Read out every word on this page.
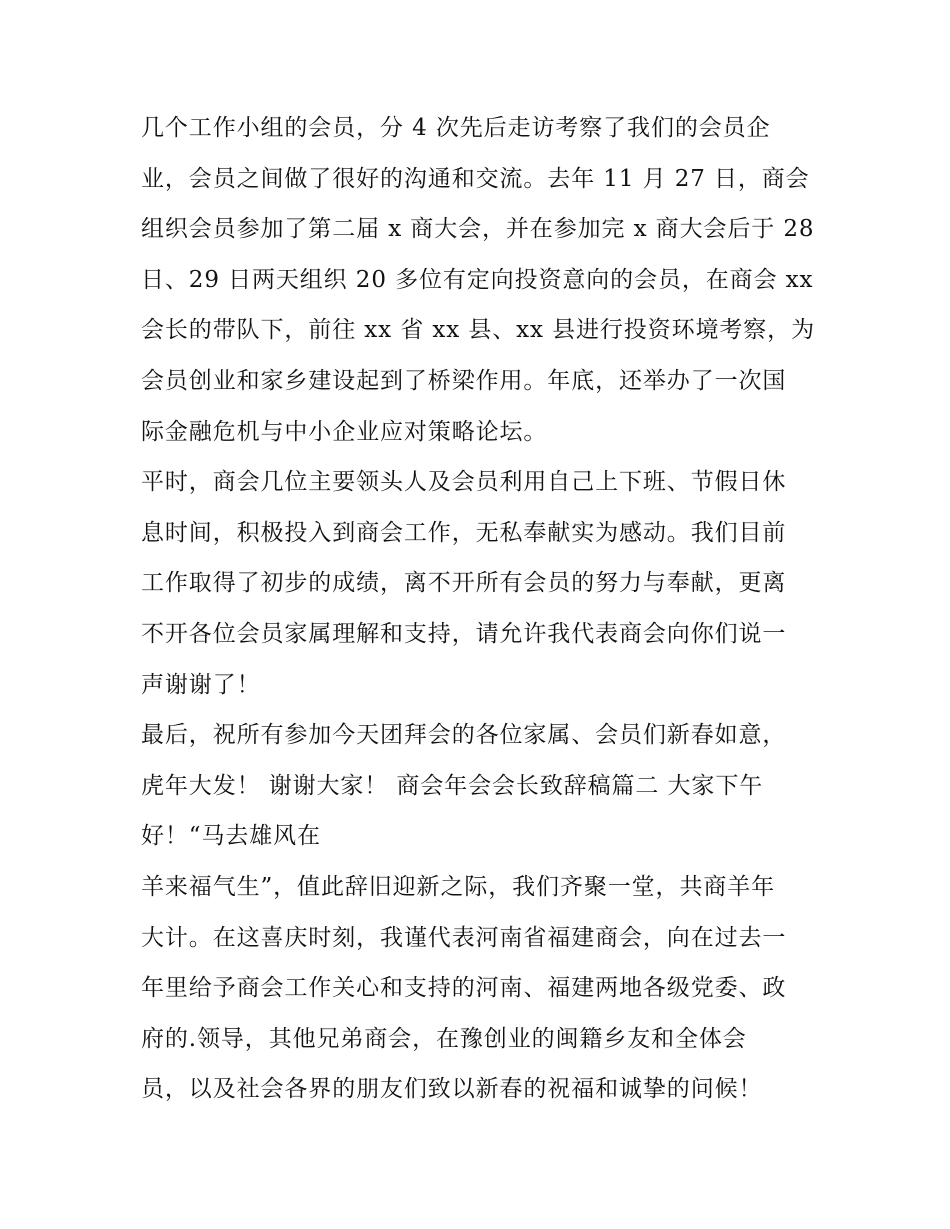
几个工作小组的会员，分 4 次先后走访考察了我们的会员企
业，会员之间做了很好的沟通和交流。去年 11 月 27 日，商会
组织会员参加了第二届 x 商大会，并在参加完 x 商大会后于 28
日、29 日两天组织 20 多位有定向投资意向的会员，在商会 xx
会长的带队下，前往 xx 省 xx 县、xx 县进行投资环境考察，为
会员创业和家乡建设起到了桥梁作用。年底，还举办了一次国
际金融危机与中小企业应对策略论坛。
平时，商会几位主要领头人及会员利用自己上下班、节假日休
息时间，积极投入到商会工作，无私奉献实为感动。我们目前
工作取得了初步的成绩，离不开所有会员的努力与奉献，更离
不开各位会员家属理解和支持，请允许我代表商会向你们说一
声谢谢了！
最后，祝所有参加今天团拜会的各位家属、会员们新春如意，
虎年大发！ 谢谢大家！ 商会年会会长致辞稿篇二 大家下午
好！“马去雄风在
羊来福气生”，值此辞旧迎新之际，我们齐聚一堂，共商羊年
大计。在这喜庆时刻，我谨代表河南省福建商会，向在过去一
年里给予商会工作关心和支持的河南、福建两地各级党委、政
府的.领导，其他兄弟商会，在豫创业的闽籍乡友和全体会
员，以及社会各界的朋友们致以新春的祝福和诚挚的问候！
